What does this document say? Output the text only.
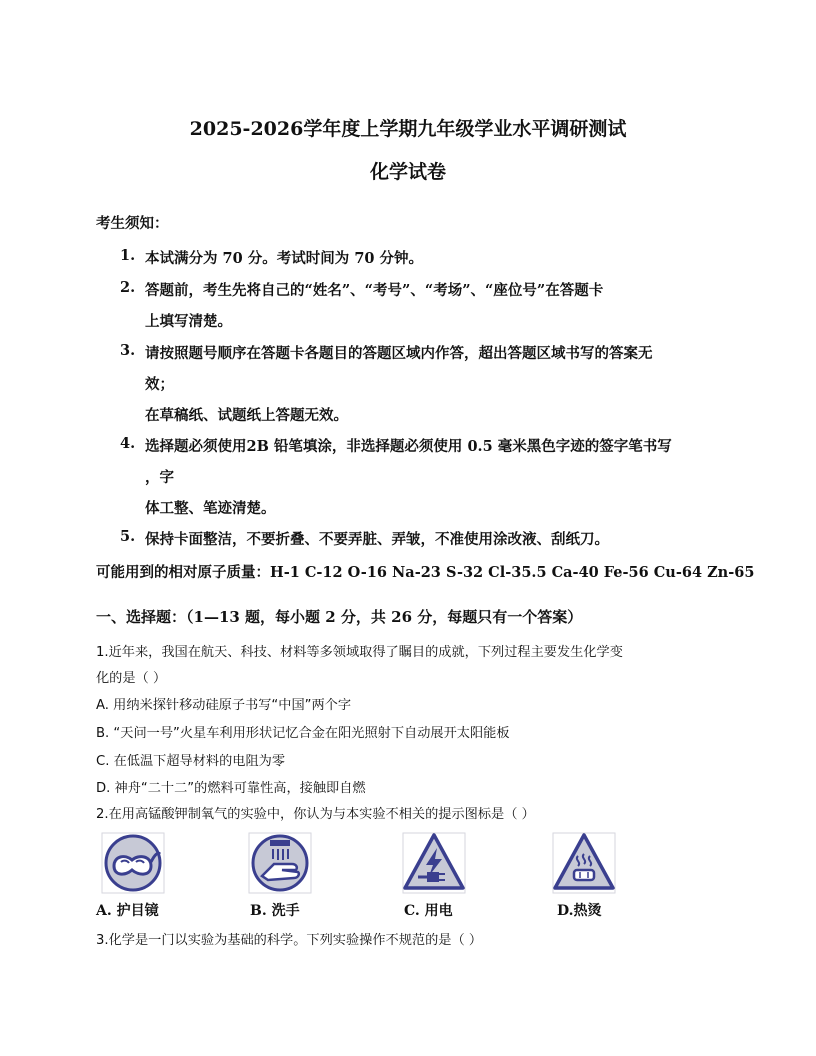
2025-2026学年度上学期九年级学业水平调研测试
化学试卷
考生须知：
1. 本试满分为 70 分。考试时间为 70 分钟。
2. 答题前，考生先将自己的“姓名”、“考号”、“考场”、“座位号”在答题卡
上填写清楚。
3. 请按照题号顺序在答题卡各题目的答题区域内作答，超出答题区域书写的答案无
效；
在草稿纸、试题纸上答题无效。
4. 选择题必须使用2B 铅笔填涂，非选择题必须使用 0.5 毫米黑色字迹的签字笔书写
，字
体工整、笔迹清楚。
5. 保持卡面整洁，不要折叠、不要弄脏、弄皱，不准使用涂改液、刮纸刀。
可能用到的相对原子质量：H-1 C-12 O-16 Na-23 S-32 Cl-35.5 Ca-40 Fe-56 Cu-64 Zn-65
一、选择题：（1—13 题，每小题 2 分，共 26 分，每题只有一个答案）
1.近年来，我国在航天、科技、材料等多领域取得了瞩目的成就，下列过程主要发生化学变
化的是（ ）
A. 用纳米探针移动硅原子书写“中国”两个字
B. “天问一号”火星车利用形状记忆合金在阳光照射下自动展开太阳能板
C. 在低温下超导材料的电阻为零
D. 神舟“二十二”的燃料可靠性高，接触即自燃
2.在用高锰酸钾制氧气的实验中，你认为与本实验不相关的提示图标是（ ）
A. 护目镜	B. 洗手	C. 用电	D.热烫
3.化学是一门以实验为基础的科学。下列实验操作不规范的是（ ）
